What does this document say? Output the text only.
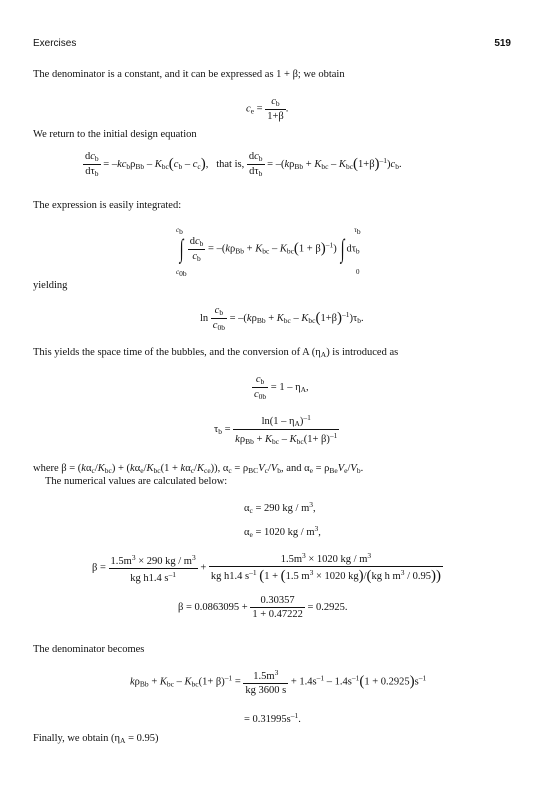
Exercises	519
The denominator is a constant, and it can be expressed as 1 + β; we obtain
$c_e = \frac{c_b}{1+\beta}$ .
We return to the initial design equation
$\frac{dc_b}{d\tau_b} = -kc_b\rho_{Bb} - K_{bc}(c_b - c_c)$,   that is, $\frac{dc_b}{d\tau_b} = -(k\rho_{Bb} + K_{bc} - K_{bc}(1+\beta)^{-1})c_b$.
The expression is easily integrated:
$c_b$
$c_{0b}$
∫ $\frac{dc_b}{c_b} = -(k\rho_{Bb} + K_{bc} - K_{bc}(1 + \beta)^{-1})$ ∫ $d\tau_b$
$\tau_b$
0
yielding
$\ln \frac{c_b}{c_{0b}} = -(k\rho_{Bb} + K_{bc} - K_{bc}(1+\beta)^{-1})\tau_b$.
This yields the space time of the bubbles, and the conversion of A $(\eta_A)$ is introduced as
$\frac{c_b}{c_{0b}} = 1 - \eta_A$,
$\tau_b = \frac{\ln(1 - \eta_A)^{-1}}{k\rho_{Bb} + K_{bc} - K_{bc}(1+ \beta)^{-1}}$
where $\beta = (k\alpha_c/K_{bc}) + (k\alpha_e/K_{bc}(1 + k\alpha_c/K_{ce}))$, $\alpha_c = \rho_{BC}V_c/V_b$, and $\alpha_e = \rho_{Be}V_e/V_b$.
The numerical values are calculated below:
$\alpha_c = 290$ kg / $m^3$,
$\alpha_e = 1020$ kg / $m^3$,
$\beta = \frac{1.5m^3 \times 290 kg / m^3}{kg h1.4 s^{-1}} + \frac{1.5m^3 \times 1020 kg / m^3}{kg h1.4 s^{-1} (1 + (1.5 m^3 \times 1020 kg)/(kg h m^3 / 0.95))}$
$\beta = 0.0863095 + \frac{0.30357}{1 + 0.47222} = 0.2925$.
The denominator becomes
$k\rho_{Bb} + K_{bc} - K_{bc}(1+ \beta)^{-1} = \frac{1.5m^3}{kg 3600 s} + 1.4s^{-1} - 1.4s^{-1}(1 + 0.2925)s^{-1}$
= $0.31995s^{-1}$.
Finally, we obtain $(\eta_A = 0.95)$
